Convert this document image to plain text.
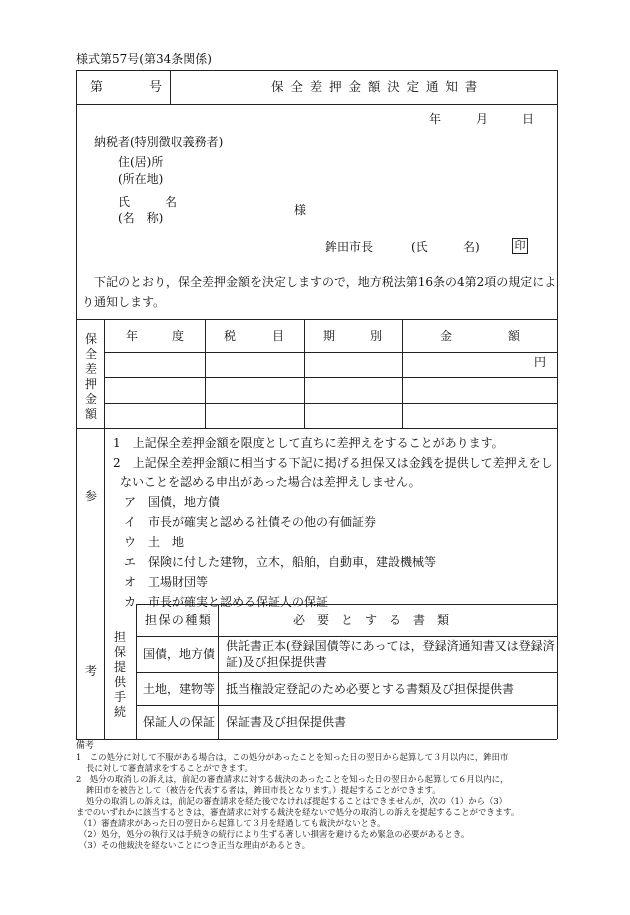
様式第57号(第34条関係)
第	号	保全差押金額決定通知書
年	月	日
納税者(特別徴収義務者)
住(居)所
(所在地)
氏	名
(名　称)
様
鉾田市長	(氏	名)	印
下記のとおり，保全差押金額を決定しますので，地方税法第16条の4第2項の規定によ
り通知します。
保
全
差
押
金
額
年	度	税	目	期	別	金	額
円
参
考
1　上記保全差押金額を限度として直ちに差押えをすることがあります。
2　上記保全差押金額に相当する下記に掲げる担保又は金銭を提供して差押えをし
ないことを認める申出があった場合は差押えしません。
ア　国債，地方債
イ　市長が確実と認める社債その他の有価証券
ウ　土　地
エ　保険に付した建物，立木，船舶，自動車，建設機械等
オ　工場財団等
カ　市長が確実と認める保証人の保証
担
保
提
供
手
続
担保の種類	必　要　と　す　る　書　類
国債，地方債
供託書正本(登録国債等にあっては，登録済通知書又は登録済
証)及び担保提供書
土地，建物等 抵当権設定登記のため必要とする書類及び担保提供書
保証人の保証 保証書及び担保提供書
備考
1　この処分に対して不服がある場合は，この処分があったことを知った日の翌日から起算して３月以内に，鉾田市
長に対して審査請求をすることができます。
2　処分の取消しの訴えは，前記の審査請求に対する裁決のあったことを知った日の翌日から起算して６月以内に，
鉾田市を被告として（被告を代表する者は，鉾田市長となります。）提起することができます。
処分の取消しの訴えは，前記の審査請求を経た後でなければ提起することはできませんが，次の（1）から（3）
までのいずれかに該当するときは，審査請求に対する裁決を経ないで処分の取消しの訴えを提起することができます。
（1）審査請求があった日の翌日から起算して３月を経過しても裁決がないとき。
（2）処分，処分の執行又は手続きの続行により生ずる著しい損害を避けるため緊急の必要があるとき。
（3）その他裁決を経ないことにつき正当な理由があるとき。
